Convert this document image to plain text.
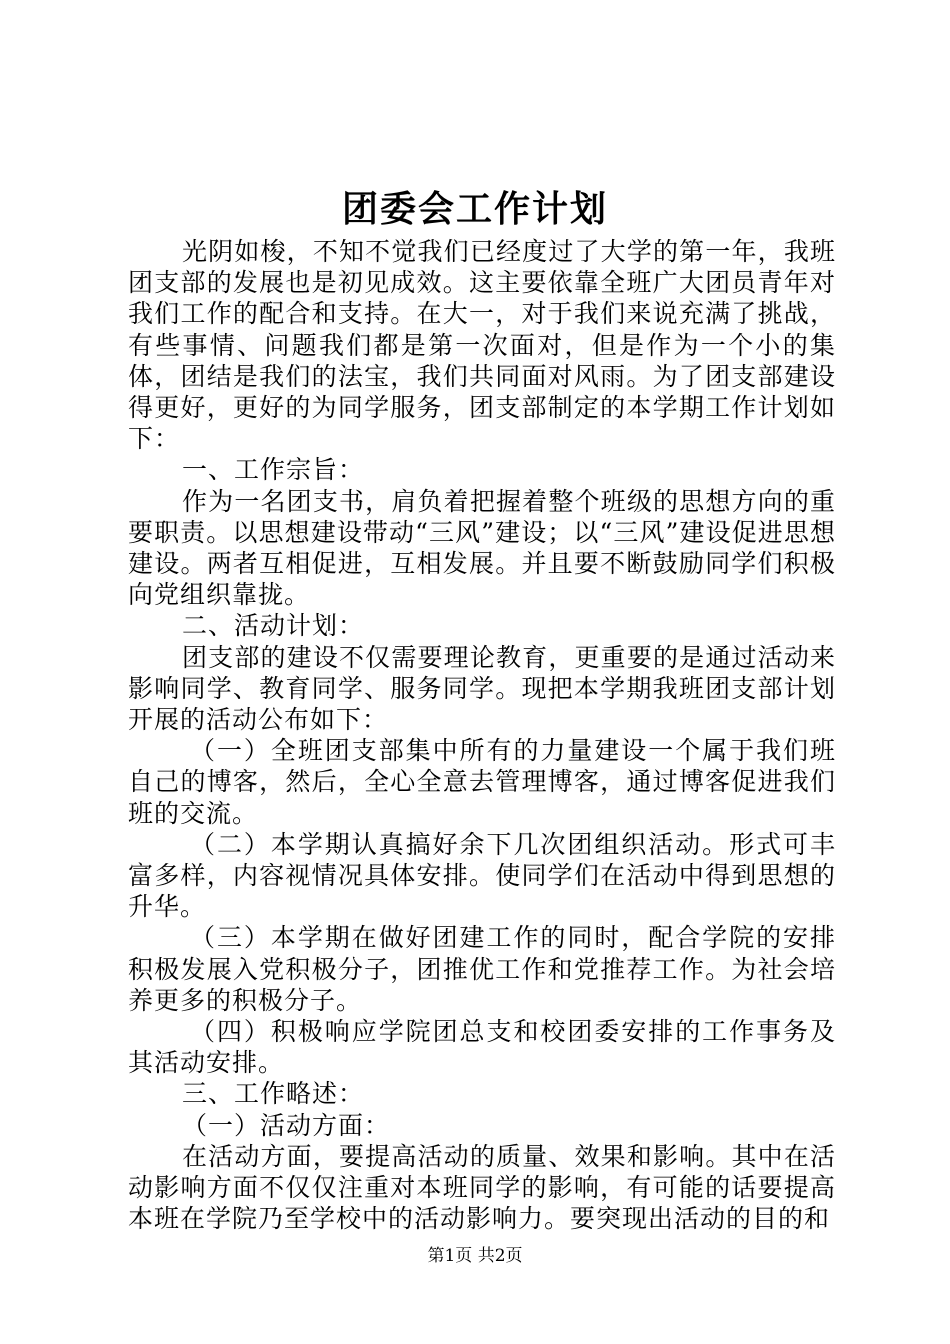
团委会工作计划

光阴如梭，不知不觉我们已经度过了大学的第一年，我班团支部的发展也是初见成效。这主要依靠全班广大团员青年对我们工作的配合和支持。在大一，对于我们来说充满了挑战，有些事情、问题我们都是第一次面对，但是作为一个小的集体，团结是我们的法宝，我们共同面对风雨。为了团支部建设得更好，更好的为同学服务，团支部制定的本学期工作计划如下：

一、工作宗旨：

作为一名团支书，肩负着把握着整个班级的思想方向的重要职责。以思想建设带动“三风”建设；以“三风”建设促进思想建设。两者互相促进，互相发展。并且要不断鼓励同学们积极向党组织靠拢。

二、活动计划：

团支部的建设不仅需要理论教育，更重要的是通过活动来影响同学、教育同学、服务同学。现把本学期我班团支部计划开展的活动公布如下：

（一）全班团支部集中所有的力量建设一个属于我们班自己的博客，然后，全心全意去管理博客，通过博客促进我们班的交流。

（二）本学期认真搞好余下几次团组织活动。形式可丰富多样，内容视情况具体安排。使同学们在活动中得到思想的升华。

（三）本学期在做好团建工作的同时，配合学院的安排积极发展入党积极分子，团推优工作和党推荐工作。为社会培养更多的积极分子。

（四）积极响应学院团总支和校团委安排的工作事务及其活动安排。

三、工作略述：

（一）活动方面：

在活动方面，要提高活动的质量、效果和影响。其中在活动影响方面不仅仅注重对本班同学的影响，有可能的话要提高本班在学院乃至学校中的活动影响力。要突现出活动的目的和

第1页 共2页
